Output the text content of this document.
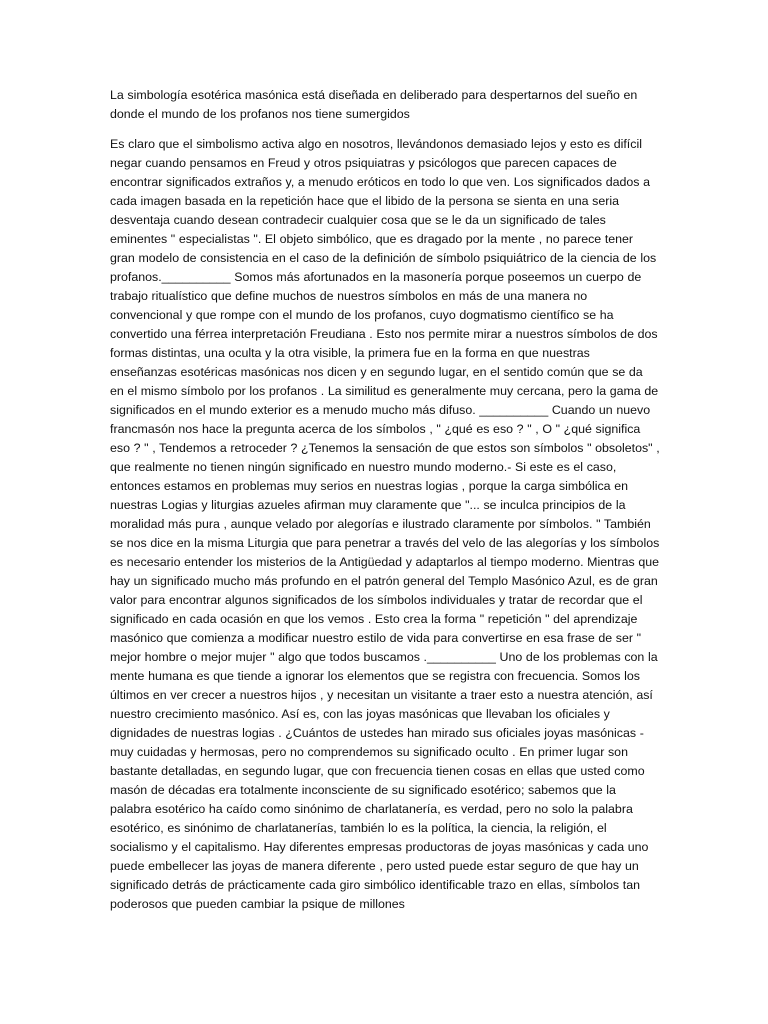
La simbología esotérica masónica está diseñada en deliberado para despertarnos del sueño en donde el mundo de los profanos nos tiene sumergidos

Es claro que el simbolismo activa algo en nosotros, llevándonos demasiado lejos y esto es difícil negar cuando pensamos en Freud y otros psiquiatras y psicólogos que parecen capaces de encontrar significados extraños y, a menudo eróticos en todo lo que ven. Los significados dados a cada imagen basada en la repetición hace que el libido de la persona se sienta en una seria desventaja cuando desean contradecir cualquier cosa que se le da un significado de tales eminentes " especialistas ". El objeto simbólico, que es dragado por la mente , no parece tener gran modelo de consistencia en el caso de la definición de símbolo psiquiátrico de la ciencia de los profanos.__________ Somos más afortunados en la masonería porque poseemos un cuerpo de trabajo ritualístico que define muchos de nuestros símbolos en más de una manera no convencional y que rompe con el mundo de los profanos, cuyo dogmatismo científico se ha convertido una férrea interpretación Freudiana . Esto nos permite mirar a nuestros símbolos de dos formas distintas, una oculta y la otra visible, la primera fue en la forma en que nuestras enseñanzas esotéricas masónicas nos dicen y en segundo lugar, en el sentido común que se da en el mismo símbolo por los profanos . La similitud es generalmente muy cercana, pero la gama de significados en el mundo exterior es a menudo mucho más difuso. __________ Cuando un nuevo francmasón nos hace la pregunta acerca de los símbolos , " ¿qué es eso ? " , O " ¿qué significa eso ? " , Tendemos a retroceder ? ¿Tenemos la sensación de que estos son símbolos " obsoletos" , que realmente no tienen ningún significado en nuestro mundo moderno.- Si este es el caso, entonces estamos en problemas muy serios en nuestras logias , porque la carga simbólica en nuestras Logias y liturgias azueles afirman muy claramente que "... se inculca principios de la moralidad más pura , aunque velado por alegorías e ilustrado claramente por símbolos. " También se nos dice en la misma Liturgia que para penetrar a través del velo de las alegorías y los símbolos es necesario entender los misterios de la Antigüedad y adaptarlos al tiempo moderno. Mientras que hay un significado mucho más profundo en el patrón general del Templo Masónico Azul, es de gran valor para encontrar algunos significados de los símbolos individuales y tratar de recordar que el significado en cada ocasión en que los vemos . Esto crea la forma " repetición " del aprendizaje masónico que comienza a modificar nuestro estilo de vida para convertirse en esa frase de ser " mejor hombre o mejor mujer " algo que todos buscamos .__________ Uno de los problemas con la mente humana es que tiende a ignorar los elementos que se registra con frecuencia. Somos los últimos en ver crecer a nuestros hijos , y necesitan un visitante a traer esto a nuestra atención, así nuestro crecimiento masónico. Así es, con las joyas masónicas que llevaban los oficiales y dignidades de nuestras logias . ¿Cuántos de ustedes han mirado sus oficiales joyas masónicas - muy cuidadas y hermosas, pero no comprendemos su significado oculto . En primer lugar son bastante detalladas, en segundo lugar, que con frecuencia tienen cosas en ellas que usted como masón de décadas era totalmente inconsciente de su significado esotérico; sabemos que la palabra esotérico ha caído como sinónimo de charlatanería, es verdad, pero no solo la palabra esotérico, es sinónimo de charlatanerías, también lo es la política, la ciencia, la religión, el socialismo y el capitalismo. Hay diferentes empresas productoras de joyas masónicas y cada uno puede embellecer las joyas de manera diferente , pero usted puede estar seguro de que hay un significado detrás de prácticamente cada giro simbólico identificable trazo en ellas, símbolos tan poderosos que pueden cambiar la psique de millones
